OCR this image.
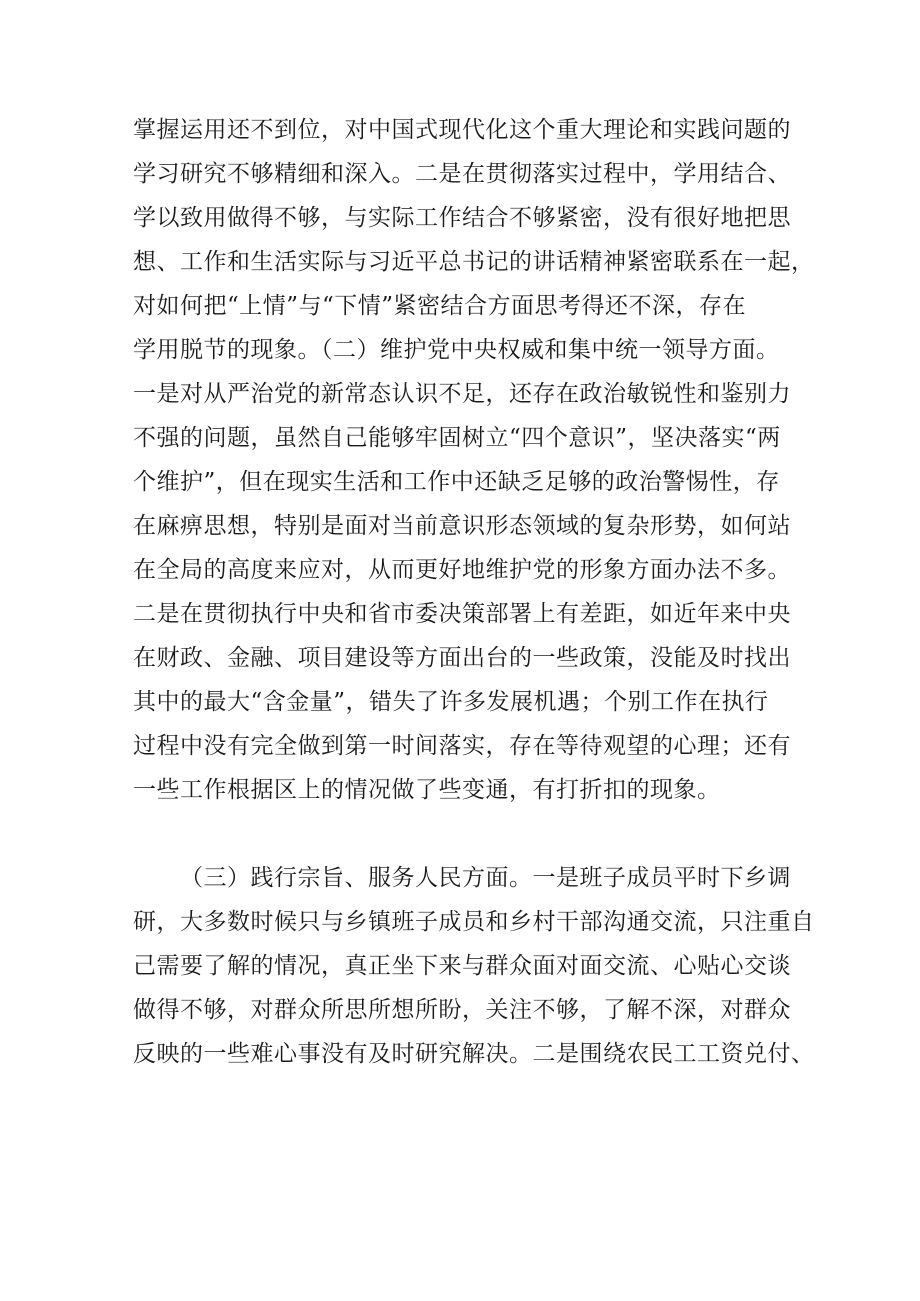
掌握运用还不到位，对中国式现代化这个重大理论和实践问题的
学习研究不够精细和深入。二是在贯彻落实过程中，学用结合、
学以致用做得不够，与实际工作结合不够紧密，没有很好地把思
想、工作和生活实际与习近平总书记的讲话精神紧密联系在一起，
对如何把“上情”与“下情”紧密结合方面思考得还不深，存在
学用脱节的现象。（二）维护党中央权威和集中统一领导方面。
一是对从严治党的新常态认识不足，还存在政治敏锐性和鉴别力
不强的问题，虽然自己能够牢固树立“四个意识”，坚决落实“两
个维护”，但在现实生活和工作中还缺乏足够的政治警惕性，存
在麻痹思想，特别是面对当前意识形态领域的复杂形势，如何站
在全局的高度来应对，从而更好地维护党的形象方面办法不多。
二是在贯彻执行中央和省市委决策部署上有差距，如近年来中央
在财政、金融、项目建设等方面出台的一些政策，没能及时找出
其中的最大“含金量”，错失了许多发展机遇；个别工作在执行
过程中没有完全做到第一时间落实，存在等待观望的心理；还有
一些工作根据区上的情况做了些变通，有打折扣的现象。
（三）践行宗旨、服务人民方面。一是班子成员平时下乡调
研，大多数时候只与乡镇班子成员和乡村干部沟通交流，只注重自
己需要了解的情况，真正坐下来与群众面对面交流、心贴心交谈
做得不够，对群众所思所想所盼，关注不够，了解不深，对群众
反映的一些难心事没有及时研究解决。二是围绕农民工工资兑付、
